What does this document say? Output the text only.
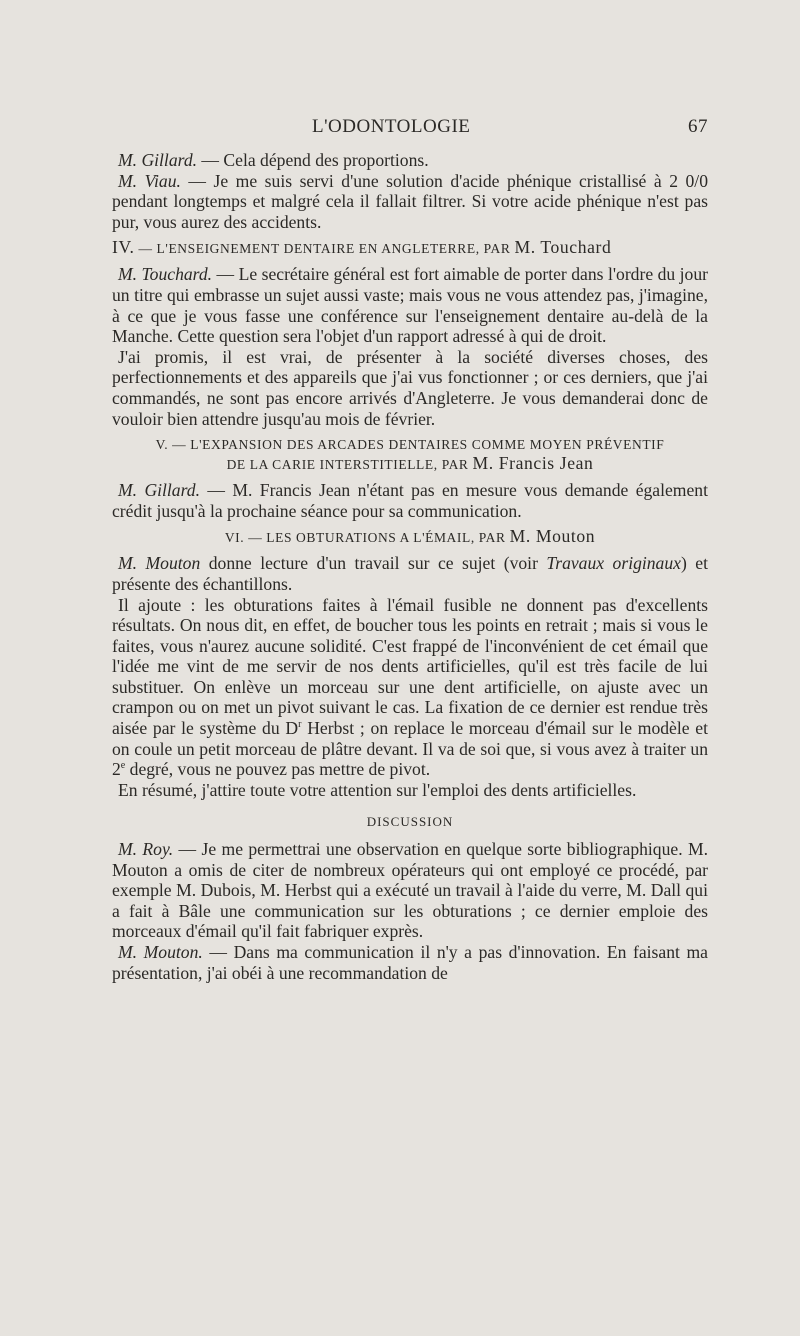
L'ODONTOLOGIE	67

M. Gillard. — Cela dépend des proportions.

M. Viau. — Je me suis servi d'une solution d'acide phénique cristallisé à 2 0/0 pendant longtemps et malgré cela il fallait filtrer. Si votre acide phénique n'est pas pur, vous aurez des accidents.

IV. — L'ENSEIGNEMENT DENTAIRE EN ANGLETERRE, PAR M. Touchard

M. Touchard. — Le secrétaire général est fort aimable de porter dans l'ordre du jour un titre qui embrasse un sujet aussi vaste; mais vous ne vous attendez pas, j'imagine, à ce que je vous fasse une conférence sur l'enseignement dentaire au-delà de la Manche. Cette question sera l'objet d'un rapport adressé à qui de droit.

J'ai promis, il est vrai, de présenter à la société diverses choses, des perfectionnements et des appareils que j'ai vus fonctionner ; or ces derniers, que j'ai commandés, ne sont pas encore arrivés d'Angleterre. Je vous demanderai donc de vouloir bien attendre jusqu'au mois de février.

V. — L'EXPANSION DES ARCADES DENTAIRES COMME MOYEN PRÉVENTIF
DE LA CARIE INTERSTITIELLE, PAR M. Francis Jean

M. Gillard. — M. Francis Jean n'étant pas en mesure vous demande également crédit jusqu'à la prochaine séance pour sa communication.

VI. — LES OBTURATIONS A L'ÉMAIL, PAR M. Mouton

M. Mouton donne lecture d'un travail sur ce sujet (voir Travaux originaux) et présente des échantillons.

Il ajoute : les obturations faites à l'émail fusible ne donnent pas d'excellents résultats. On nous dit, en effet, de boucher tous les points en retrait ; mais si vous le faites, vous n'aurez aucune solidité. C'est frappé de l'inconvénient de cet émail que l'idée me vint de me servir de nos dents artificielles, qu'il est très facile de lui substituer. On enlève un morceau sur une dent artificielle, on ajuste avec un crampon ou on met un pivot suivant le cas. La fixation de ce dernier est rendue très aisée par le système du $D^r$ Herbst ; on replace le morceau d'émail sur le modèle et on coule un petit morceau de plâtre devant. Il va de soi que, si vous avez à traiter un 2e degré, vous ne pouvez pas mettre de pivot.

En résumé, j'attire toute votre attention sur l'emploi des dents artificielles.

DISCUSSION

M. Roy. — Je me permettrai une observation en quelque sorte bibliographique. M. Mouton a omis de citer de nombreux opérateurs qui ont employé ce procédé, par exemple M. Dubois, M. Herbst qui a exécuté un travail à l'aide du verre, M. Dall qui a fait à Bâle une communication sur les obturations ; ce dernier emploie des morceaux d'émail qu'il fait fabriquer exprès.

M. Mouton. — Dans ma communication il n'y a pas d'innovation. En faisant ma présentation, j'ai obéi à une recommandation de
